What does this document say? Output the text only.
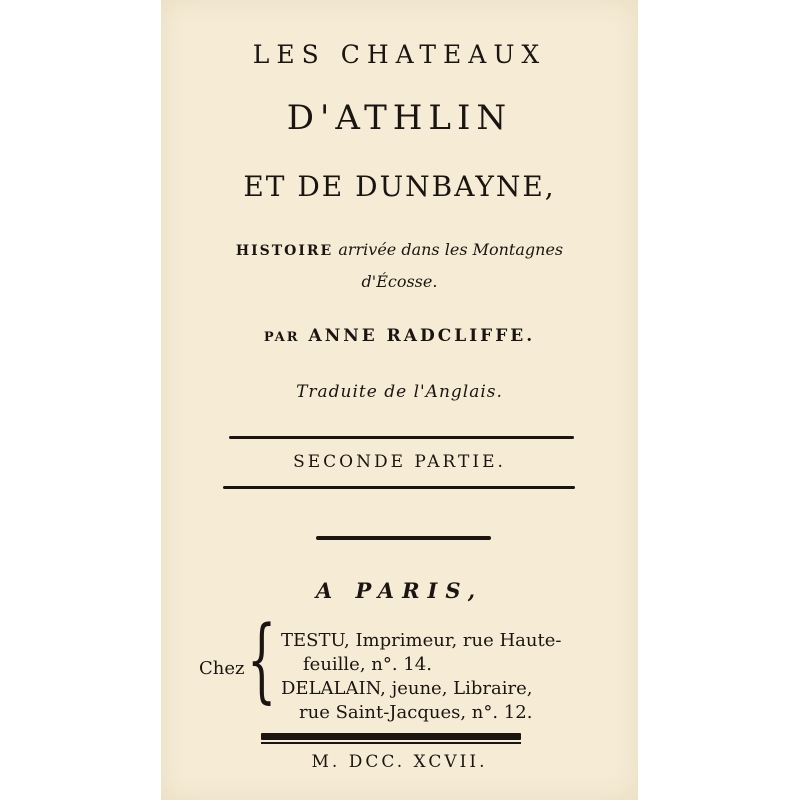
LES CHATEAUX
D'ATHLIN
ET DE DUNBAYNE,
HISTOIRE arrivée dans les Montagnes
d'Écosse.
PAR ANNE RADCLIFFE.
Traduite de l'Anglais.
SECONDE PARTIE.
A PARIS,
Chez { TESTU, Imprimeur, rue Haute-
feuille, n°. 14.
DELALAIN, jeune, Libraire,
rue Saint-Jacques, n°. 12.
M. DCC. XCVII.
